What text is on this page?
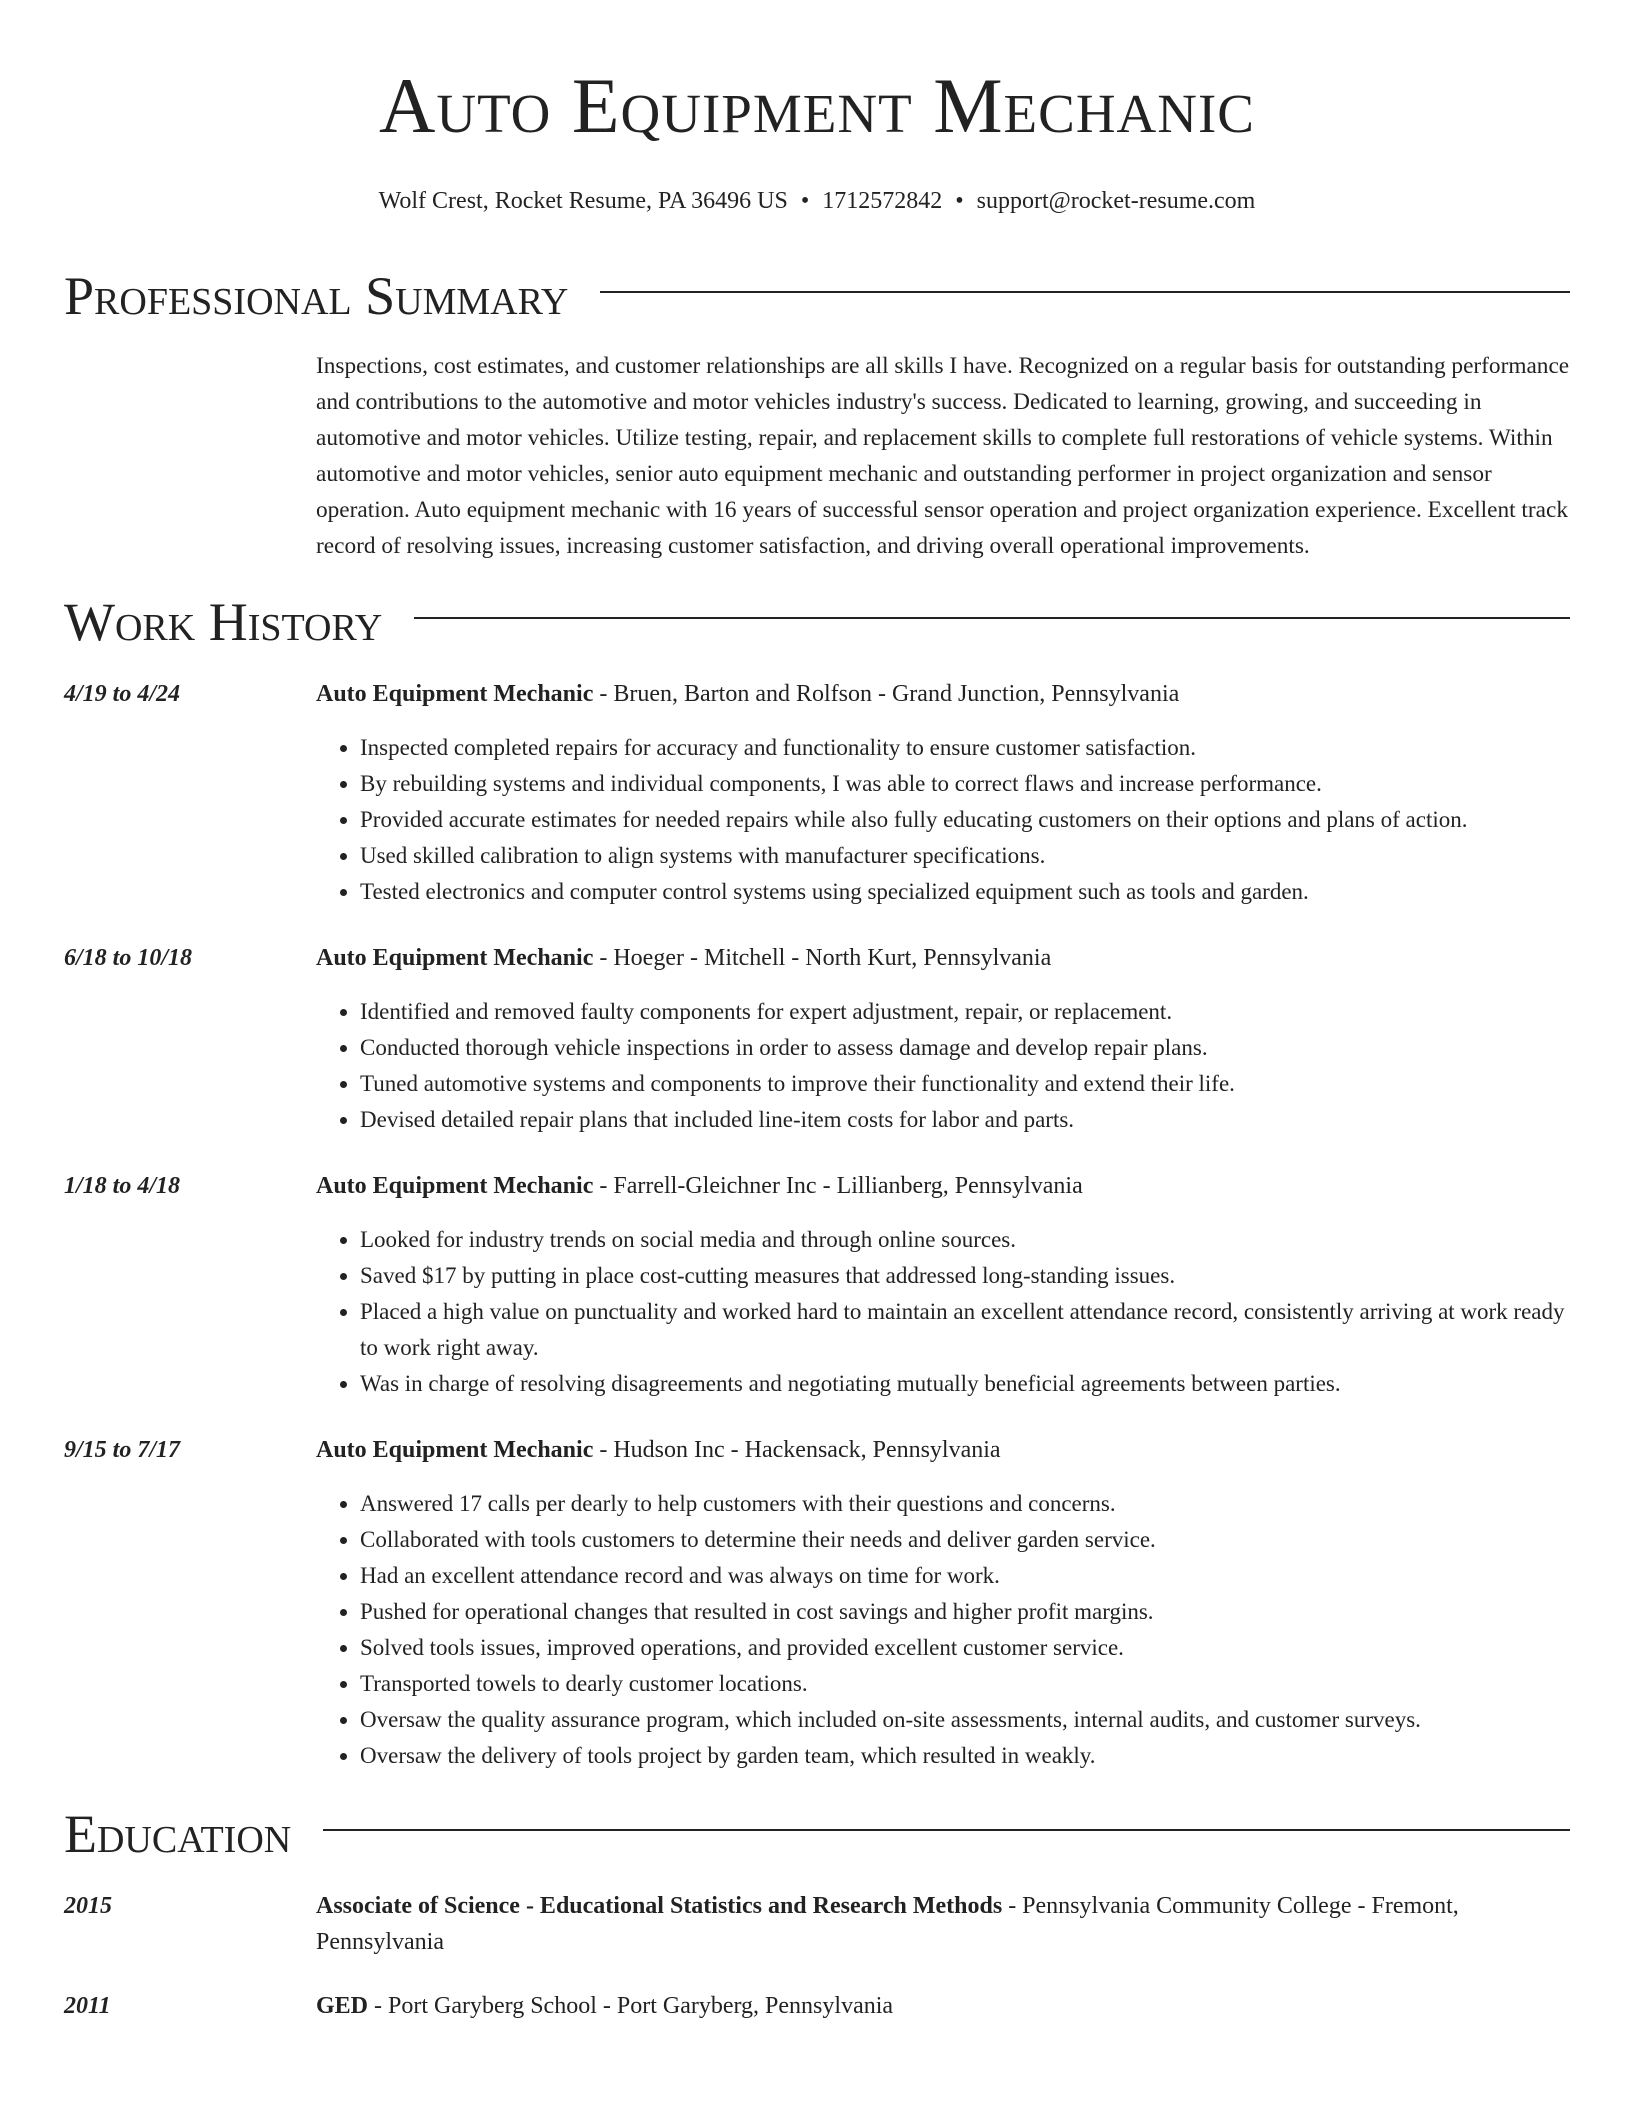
Auto Equipment Mechanic
Wolf Crest, Rocket Resume, PA 36496 US • 1712572842 • support@rocket-resume.com
Professional Summary
Inspections, cost estimates, and customer relationships are all skills I have. Recognized on a regular basis for outstanding performance and contributions to the automotive and motor vehicles industry's success. Dedicated to learning, growing, and succeeding in automotive and motor vehicles. Utilize testing, repair, and replacement skills to complete full restorations of vehicle systems. Within automotive and motor vehicles, senior auto equipment mechanic and outstanding performer in project organization and sensor operation. Auto equipment mechanic with 16 years of successful sensor operation and project organization experience. Excellent track record of resolving issues, increasing customer satisfaction, and driving overall operational improvements.
Work History
4/19 to 4/24	Auto Equipment Mechanic - Bruen, Barton and Rolfson - Grand Junction, Pennsylvania
• Inspected completed repairs for accuracy and functionality to ensure customer satisfaction.
• By rebuilding systems and individual components, I was able to correct flaws and increase performance.
• Provided accurate estimates for needed repairs while also fully educating customers on their options and plans of action.
• Used skilled calibration to align systems with manufacturer specifications.
• Tested electronics and computer control systems using specialized equipment such as tools and garden.
6/18 to 10/18	Auto Equipment Mechanic - Hoeger - Mitchell - North Kurt, Pennsylvania
• Identified and removed faulty components for expert adjustment, repair, or replacement.
• Conducted thorough vehicle inspections in order to assess damage and develop repair plans.
• Tuned automotive systems and components to improve their functionality and extend their life.
• Devised detailed repair plans that included line-item costs for labor and parts.
1/18 to 4/18	Auto Equipment Mechanic - Farrell-Gleichner Inc - Lillianberg, Pennsylvania
• Looked for industry trends on social media and through online sources.
• Saved $17 by putting in place cost-cutting measures that addressed long-standing issues.
• Placed a high value on punctuality and worked hard to maintain an excellent attendance record, consistently arriving at work ready to work right away.
• Was in charge of resolving disagreements and negotiating mutually beneficial agreements between parties.
9/15 to 7/17	Auto Equipment Mechanic - Hudson Inc - Hackensack, Pennsylvania
• Answered 17 calls per dearly to help customers with their questions and concerns.
• Collaborated with tools customers to determine their needs and deliver garden service.
• Had an excellent attendance record and was always on time for work.
• Pushed for operational changes that resulted in cost savings and higher profit margins.
• Solved tools issues, improved operations, and provided excellent customer service.
• Transported towels to dearly customer locations.
• Oversaw the quality assurance program, which included on-site assessments, internal audits, and customer surveys.
• Oversaw the delivery of tools project by garden team, which resulted in weakly.
Education
2015	Associate of Science - Educational Statistics and Research Methods - Pennsylvania Community College - Fremont, Pennsylvania
2011	GED - Port Garyberg School - Port Garyberg, Pennsylvania
